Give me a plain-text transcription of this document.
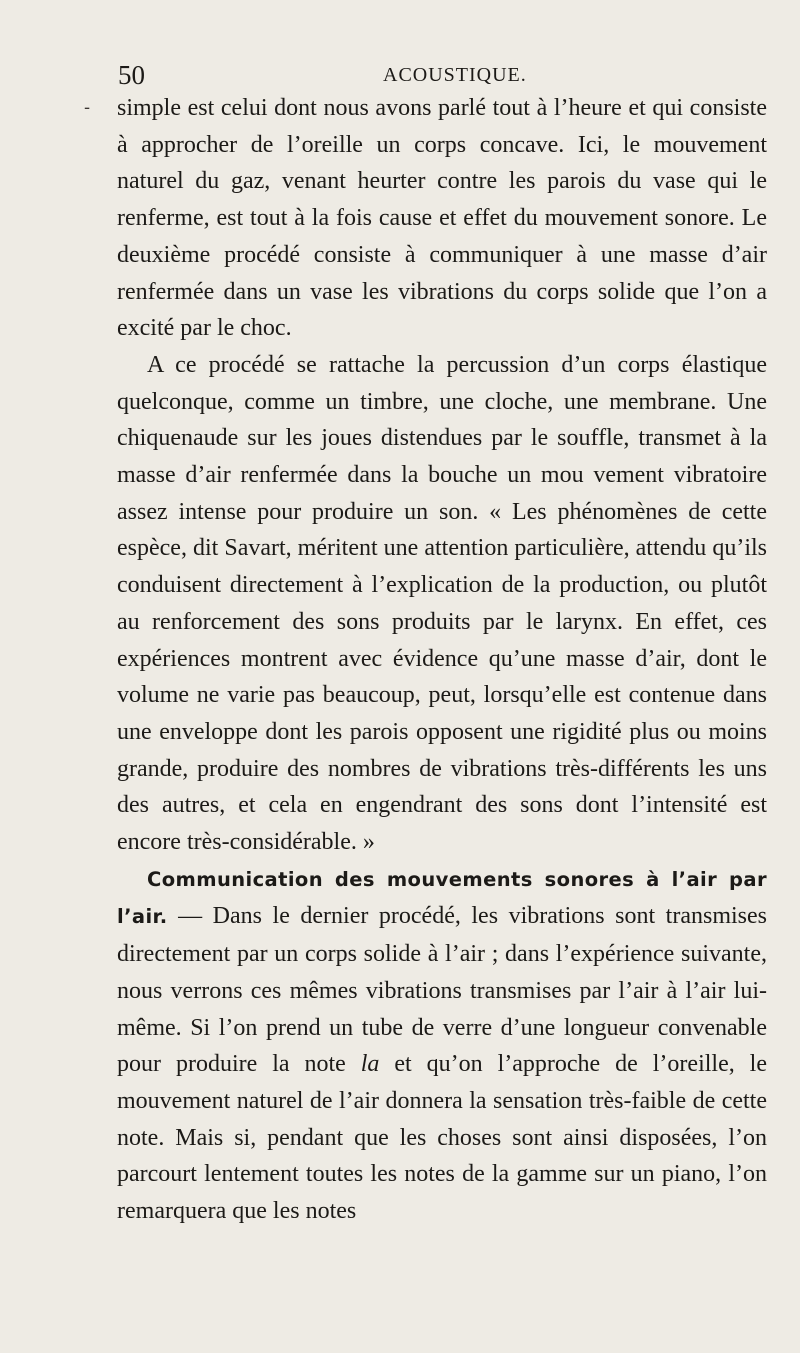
50	ACOUSTIQUE.
- simple est celui dont nous avons parlé tout à l’heure et qui consiste à approcher de l’oreille un corps concave. Ici, le mouvement naturel du gaz, venant heurter contre les parois du vase qui le renferme, est tout à la fois cause et effet du mouvement sonore. Le deuxième procédé consiste à communiquer à une masse d’air renfermée dans un vase les vibrations du corps solide que l’on a excité par le choc.

A ce procédé se rattache la percussion d’un corps élastique quelconque, comme un timbre, une cloche, une membrane. Une chiquenaude sur les joues distendues par le souffle, transmet à la masse d’air renfermée dans la bouche un mou vement vibratoire assez intense pour produire un son. « Les phénomènes de cette espèce, dit Savart, méritent une attention particulière, attendu qu’ils conduisent directement à l’explication de la production, ou plutôt au renforcement des sons produits par le larynx. En effet, ces expériences montrent avec évidence qu’une masse d’air, dont le volume ne varie pas beaucoup, peut, lorsqu’elle est contenue dans une enveloppe dont les parois opposent une rigidité plus ou moins grande, produire des nombres de vibrations très-différents les uns des autres, et cela en engendrant des sons dont l’intensité est encore très-considérable. »

Communication des mouvements sonores à l’air par l’air. — Dans le dernier procédé, les vibrations sont transmises directement par un corps solide à l’air ; dans l’expérience suivante, nous verrons ces mêmes vibrations transmises par l’air à l’air lui-même. Si l’on prend un tube de verre d’une longueur convenable pour produire la note la et qu’on l’approche de l’oreille, le mouvement naturel de l’air donnera la sensation très-faible de cette note. Mais si, pendant que les choses sont ainsi disposées, l’on parcourt lentement toutes les notes de la gamme sur un piano, l’on remarquera que les notes
